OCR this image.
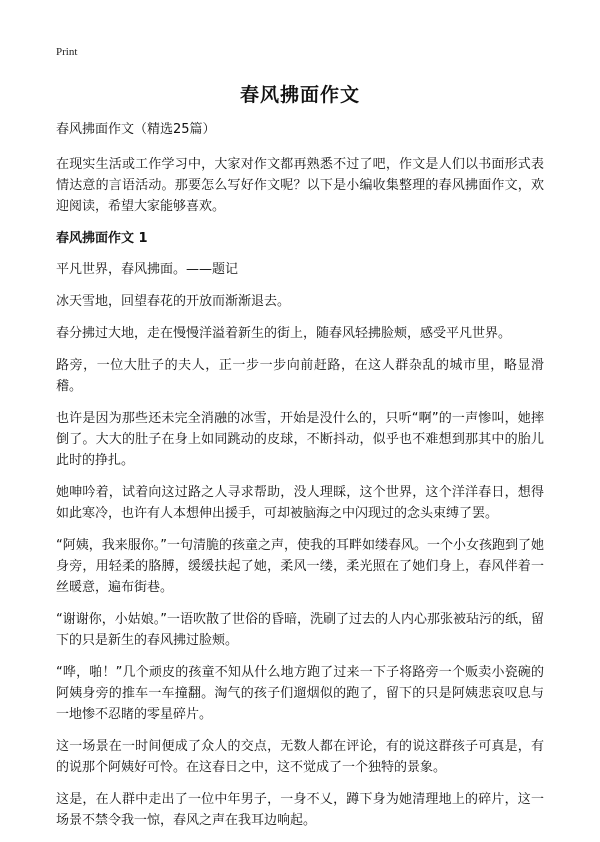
Print
春风拂面作文

春风拂面作文（精选25篇）

在现实生活或工作学习中，大家对作文都再熟悉不过了吧，作文是人们以书面形式表情达意的言语活动。那要怎么写好作文呢？以下是小编收集整理的春风拂面作文，欢迎阅读，希望大家能够喜欢。

春风拂面作文 1

平凡世界，春风拂面。——题记

冰天雪地，回望春花的开放而渐渐退去。

春分拂过大地，走在慢慢洋溢着新生的街上，随春风轻拂脸颊，感受平凡世界。

路旁，一位大肚子的夫人，正一步一步向前赶路，在这人群杂乱的城市里，略显滑稽。

也许是因为那些还未完全消融的冰雪，开始是没什么的，只听“啊”的一声惨叫，她摔倒了。大大的肚子在身上如同跳动的皮球，不断抖动，似乎也不难想到那其中的胎儿此时的挣扎。

她呻吟着，试着向这过路之人寻求帮助，没人理睬，这个世界，这个洋洋春日，想得如此寒冷，也许有人本想伸出援手，可却被脑海之中闪现过的念头束缚了罢。

“阿姨，我来服你。”一句清脆的孩童之声，使我的耳畔如缕春风。一个小女孩跑到了她身旁，用轻柔的胳膊，缓缓扶起了她，柔风一缕，柔光照在了她们身上，春风伴着一丝暖意，遍布街巷。

“谢谢你，小姑娘。”一语吹散了世俗的昏暗，洗刷了过去的人内心那张被玷污的纸，留下的只是新生的春风拂过脸颊。

“哗，啪！”几个顽皮的孩童不知从什么地方跑了过来一下子将路旁一个贩卖小瓷碗的阿姨身旁的推车一车撞翻。淘气的孩子们遛烟似的跑了，留下的只是阿姨悲哀叹息与一地惨不忍睹的零星碎片。

这一场景在一时间便成了众人的交点，无数人都在评论，有的说这群孩子可真是，有的说那个阿姨好可怜。在这春日之中，这不觉成了一个独特的景象。

这是，在人群中走出了一位中年男子，一身不乂，蹲下身为她清理地上的碎片，这一场景不禁令我一惊，春风之声在我耳边响起。
